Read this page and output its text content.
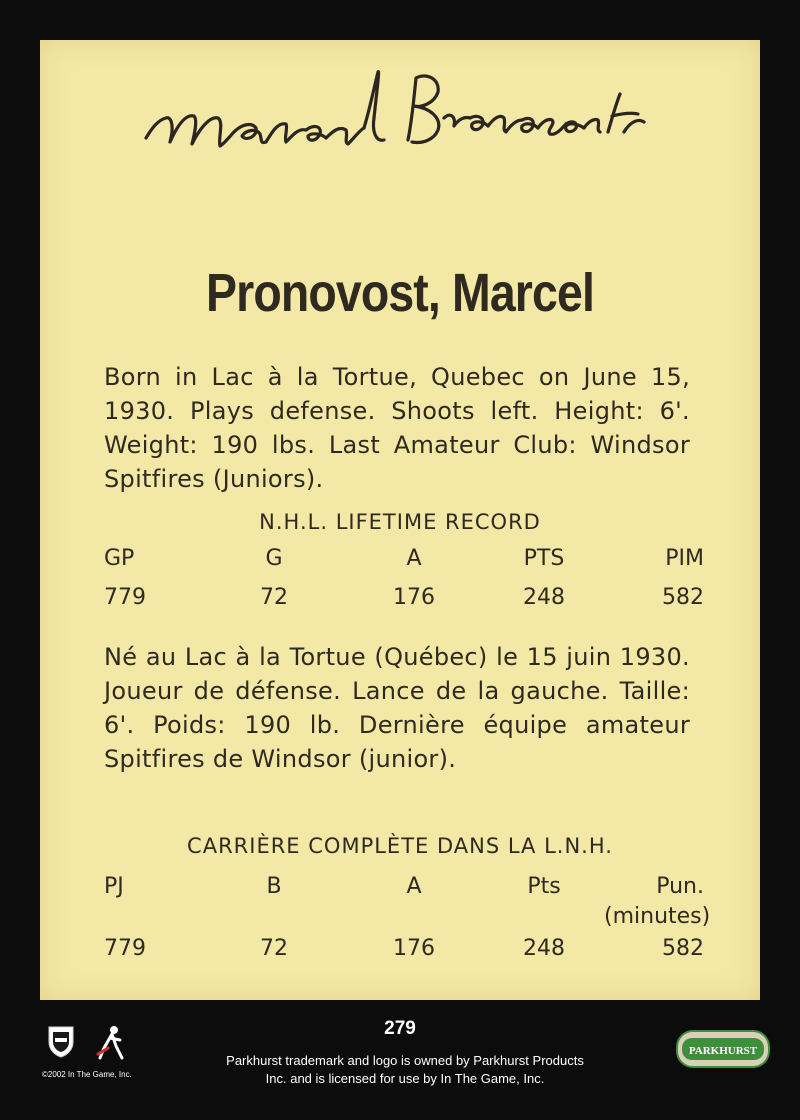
Pronovost, Marcel
Born in Lac à la Tortue, Quebec on June 15, 1930. Plays defense. Shoots left. Height: 6'. Weight: 190 lbs. Last Amateur Club: Windsor Spitfires (Juniors).
N.H.L. LIFETIME RECORD
GP	G	A	PTS	PIM
779	72	176	248	582
Né au Lac à la Tortue (Québec) le 15 juin 1930. Joueur de défense. Lance de la gauche. Taille: 6'. Poids: 190 lb. Dernière équipe amateur Spitfires de Windsor (junior).
CARRIÈRE COMPLÈTE DANS LA L.N.H.
PJ	B	A	Pts	Pun.
(minutes)
779	72	176	248	582
©2002 In The Game, Inc.
279
Parkhurst trademark and logo is owned by Parkhurst Products
Inc. and is licensed for use by In The Game, Inc.
PARKHURST
